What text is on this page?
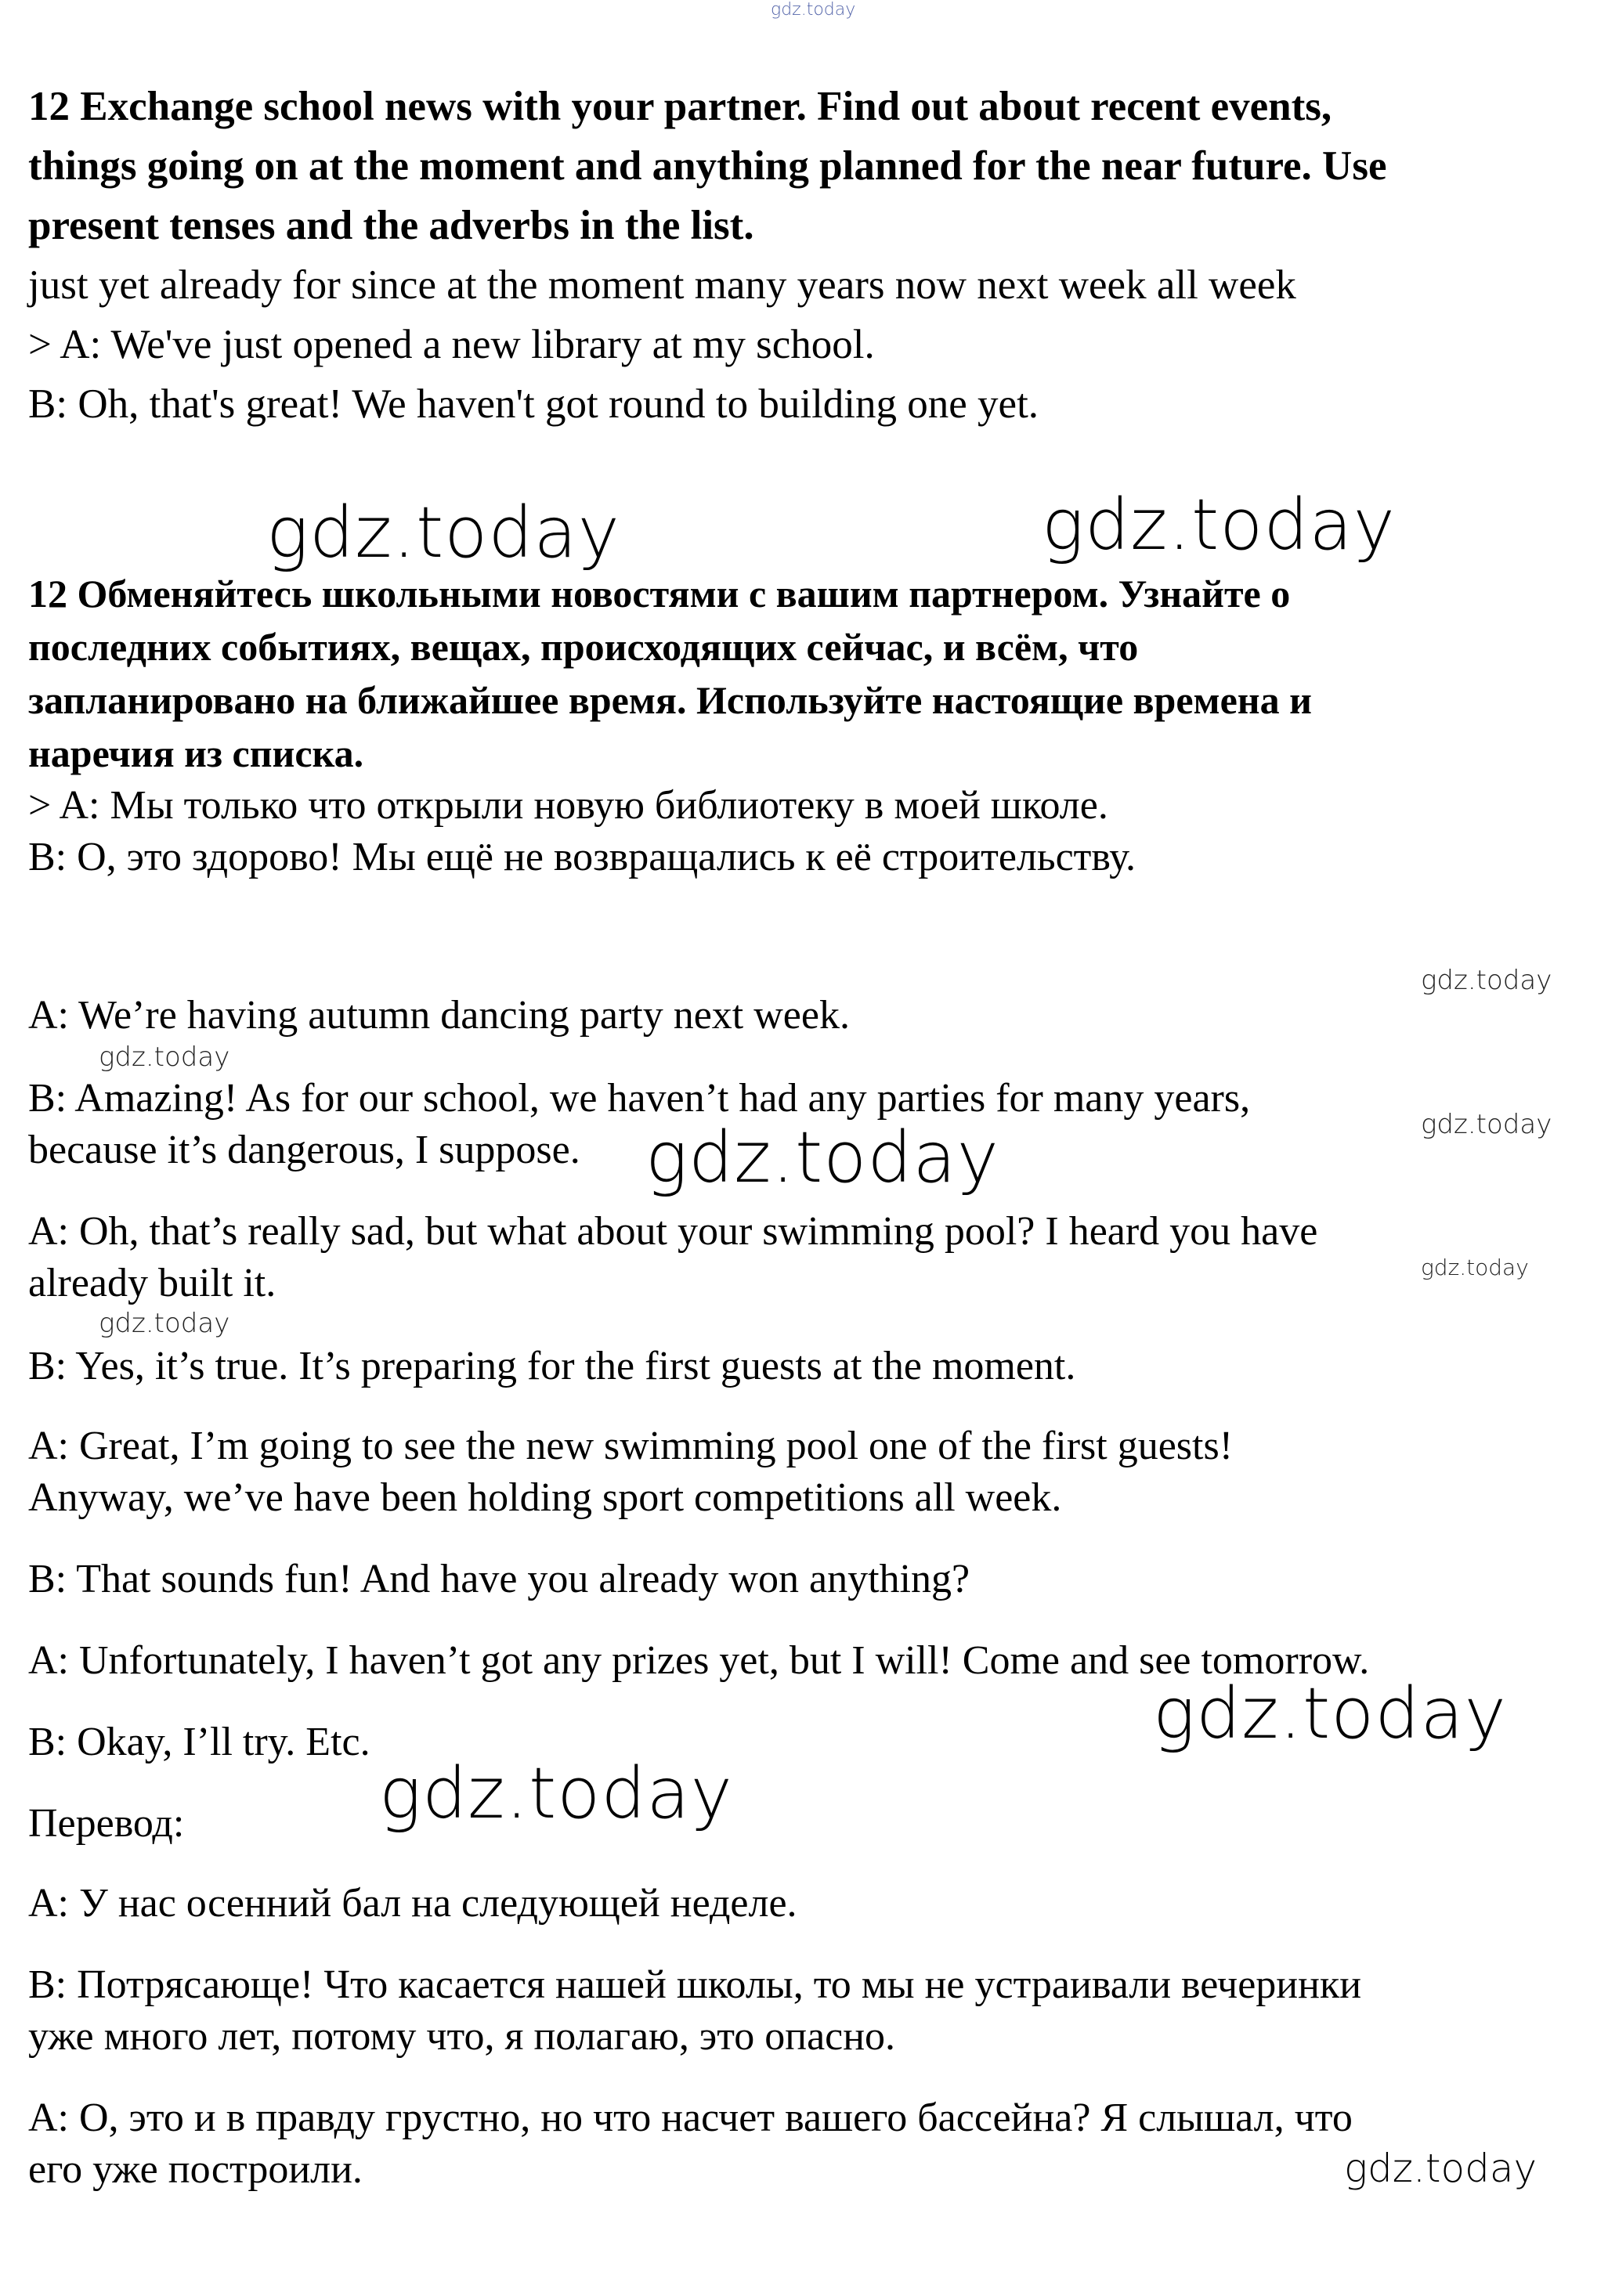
gdz.today

12 Exchange school news with your partner. Find out about recent events,

things going on at the moment and anything planned for the near future. Use

present tenses and the adverbs in the list.

just yet already for since at the moment many years now next week all week

> A: We've just opened a new library at my school.

B: Oh, that's great! We haven't got round to building one yet.

gdz.today	gdz.today

12 Обменяйтесь школьными новостями с вашим партнером. Узнайте о

последних событиях, вещах, происходящих сейчас, и всём, что

запланировано на ближайшее время. Используйте настоящие времена и

наречия из списка.

> A: Мы только что открыли новую библиотеку в моей школе.

B: О, это здорово! Мы ещё не возвращались к её строительству.

gdz.today

A: We’re having autumn dancing party next week.

gdz.today

B: Amazing! As for our school, we haven’t had any parties for many years,

gdz.today

because it’s dangerous, I suppose. gdz.today

A: Oh, that’s really sad, but what about your swimming pool? I heard you have

gdz.today

already built it.

gdz.today

B: Yes, it’s true. It’s preparing for the first guests at the moment.

A: Great, I’m going to see the new swimming pool one of the first guests!

Anyway, we’ve have been holding sport competitions all week.

B: That sounds fun! And have you already won anything?

A: Unfortunately, I haven’t got any prizes yet, but I will! Come and see tomorrow.

gdz.today

B: Okay, I’ll try. Etc.

gdz.today

Перевод:

A: У нас осенний бал на следующей неделе.

B: Потрясающе! Что касается нашей школы, то мы не устраивали вечеринки

уже много лет, потому что, я полагаю, это опасно.

A: О, это и в правду грустно, но что насчет вашего бассейна? Я слышал, что

его уже построили.	gdz.today
